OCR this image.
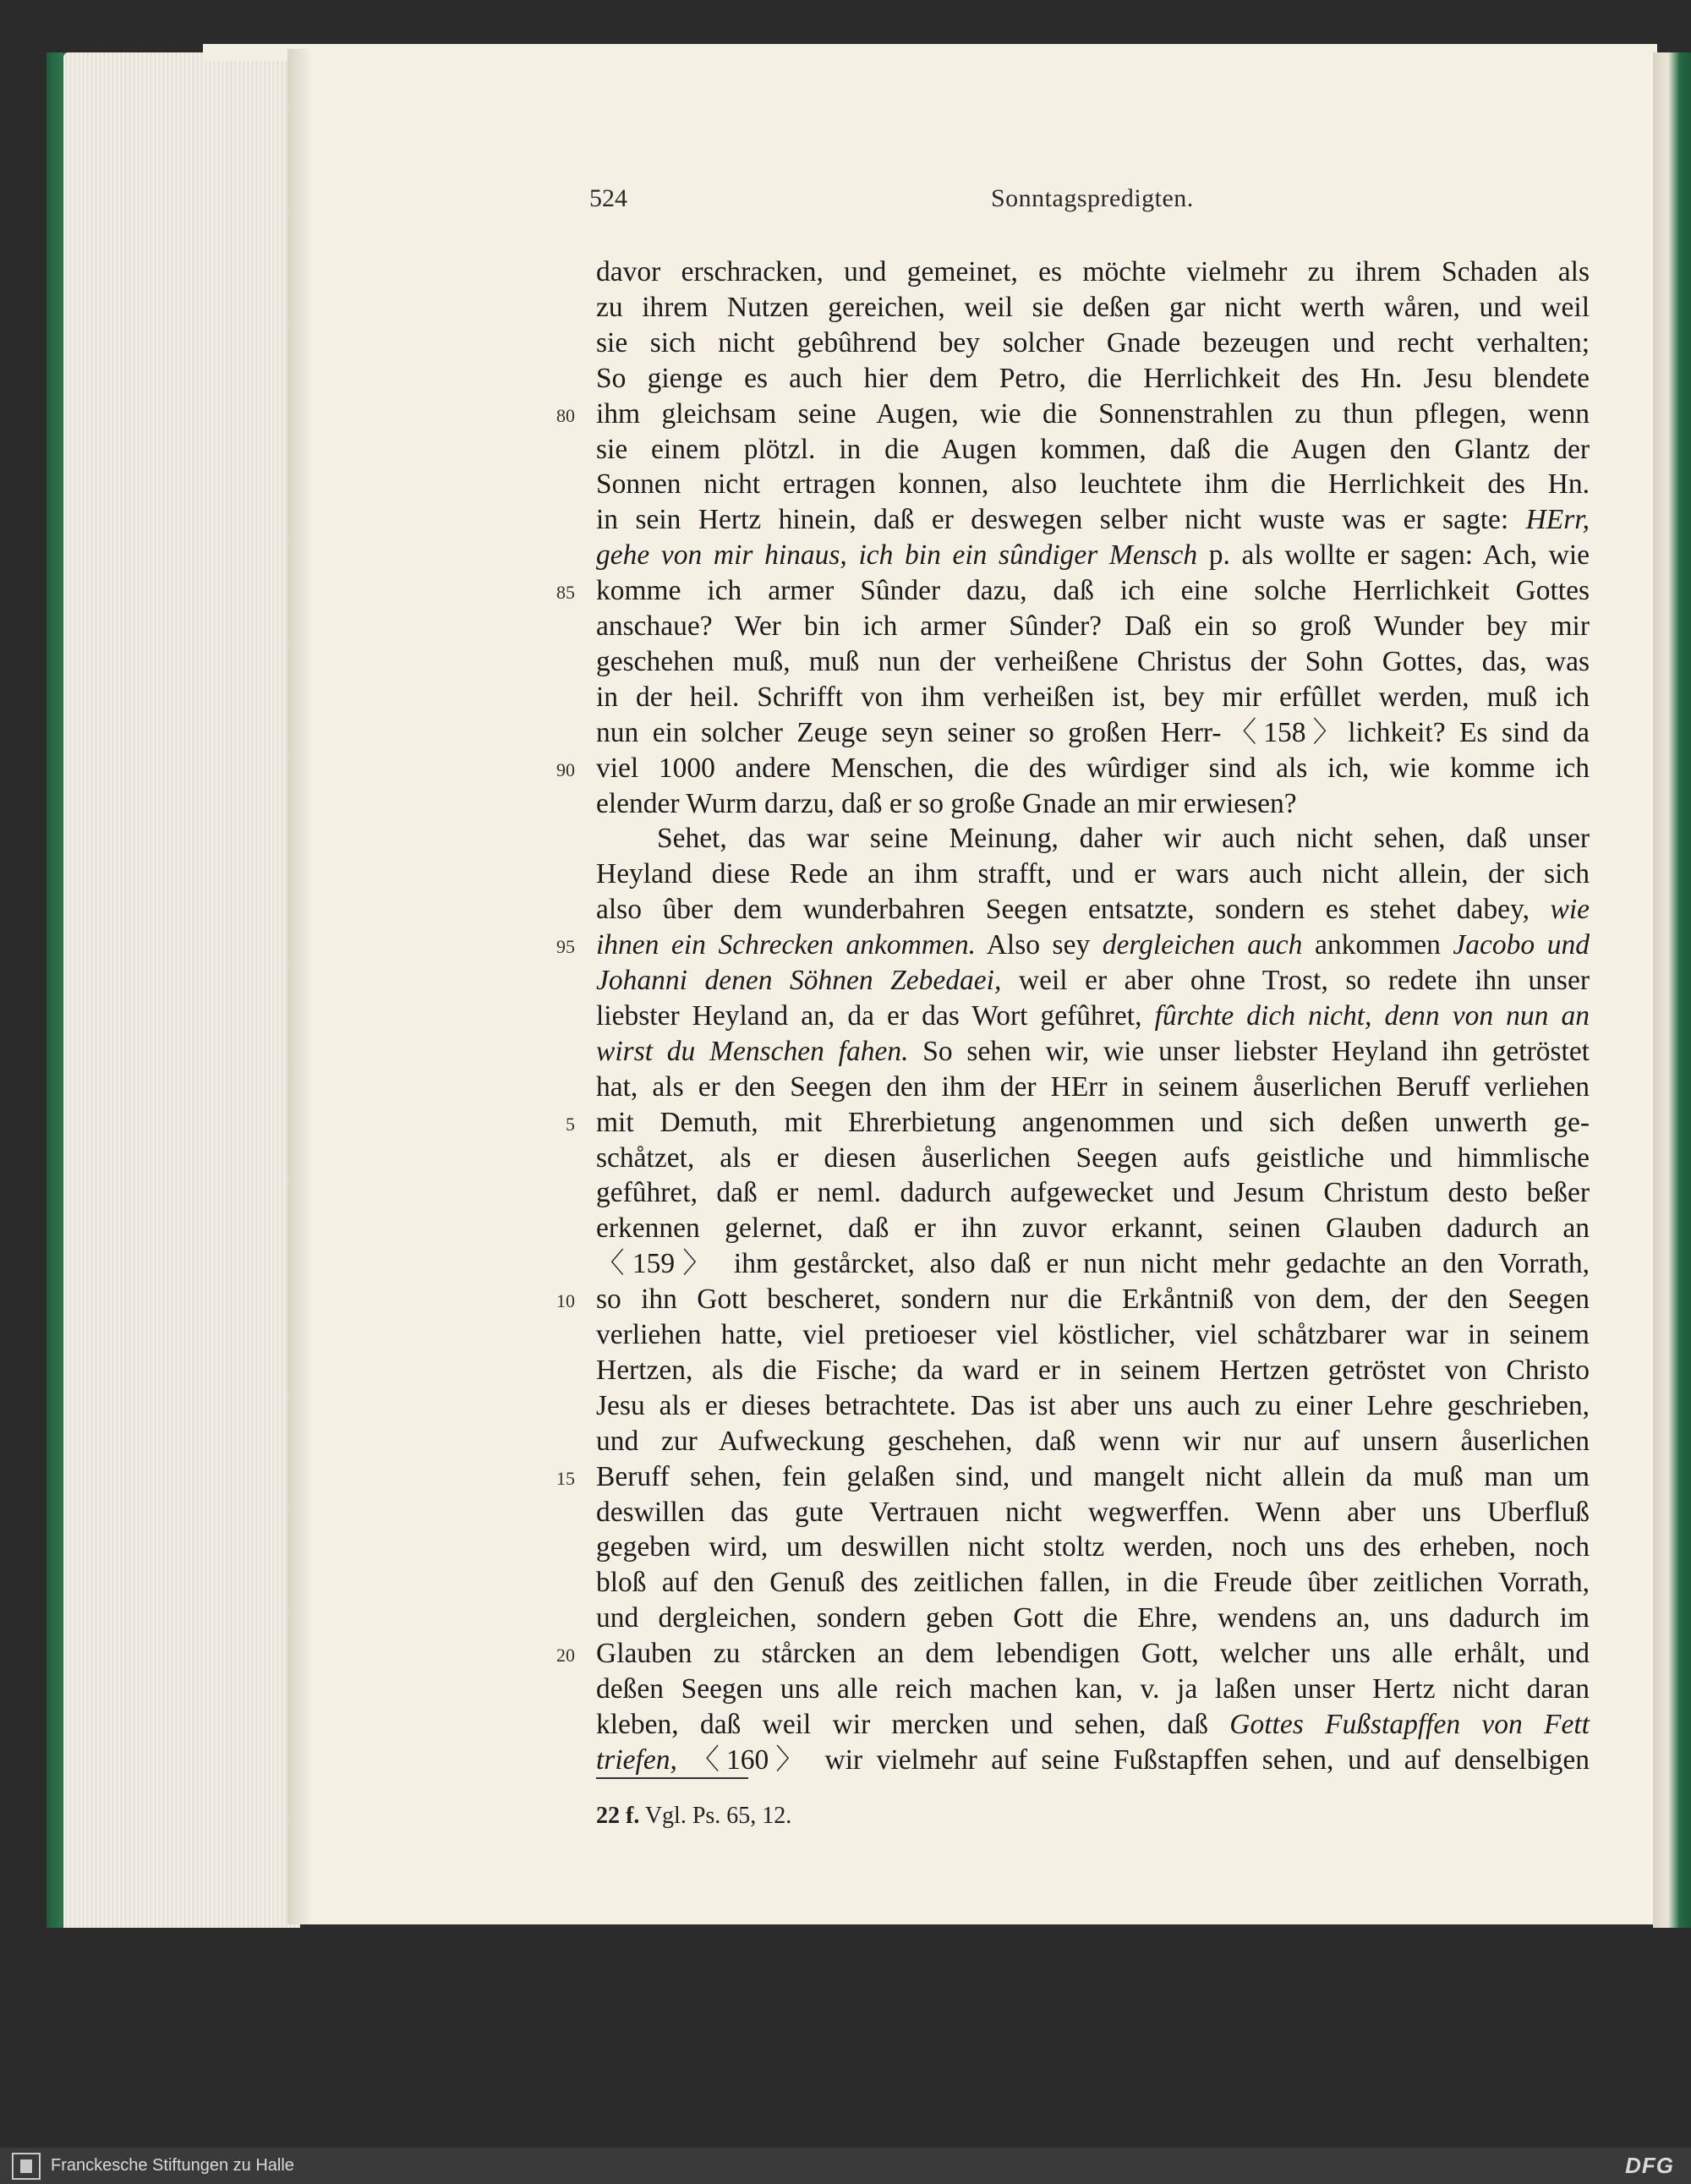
524	Sonntagspredigten.
davor erschracken, und gemeinet, es möchte vielmehr zu ihrem Schaden als
zu ihrem Nutzen gereichen, weil sie deßen gar nicht werth wåren, und weil
sie sich nicht gebûhrend bey solcher Gnade bezeugen und recht verhalten;
So gienge es auch hier dem Petro, die Herrlichkeit des Hn. Jesu blendete
ihm gleichsam seine Augen, wie die Sonnenstrahlen zu thun pflegen, wenn
80
sie einem plötzl. in die Augen kommen, daß die Augen den Glantz der
Sonnen nicht ertragen konnen, also leuchtete ihm die Herrlichkeit des Hn.
in sein Hertz hinein, daß er deswegen selber nicht wuste was er sagte: HErr,
gehe von mir hinaus, ich bin ein sûndiger Mensch p. als wollte er sagen: Ach, wie
komme ich armer Sûnder dazu, daß ich eine solche Herrlichkeit Gottes
85
anschaue? Wer bin ich armer Sûnder? Daß ein so groß Wunder bey mir
geschehen muß, muß nun der verheißene Christus der Sohn Gottes, das, was
in der heil. Schrifft von ihm verheißen ist, bey mir erfûllet werden, muß ich
nun ein solcher Zeuge seyn seiner so großen Herr-〈158〉lichkeit? Es sind da
viel 1000 andere Menschen, die des wûrdiger sind als ich, wie komme ich
90
elender Wurm darzu, daß er so große Gnade an mir erwiesen?
Sehet, das war seine Meinung, daher wir auch nicht sehen, daß unser
Heyland diese Rede an ihm strafft, und er wars auch nicht allein, der sich
also ûber dem wunderbahren Seegen entsatzte, sondern es stehet dabey, wie
ihnen ein Schrecken ankommen. Also sey dergleichen auch ankommen Jacobo und
95
Johanni denen Söhnen Zebedaei, weil er aber ohne Trost, so redete ihn unser
liebster Heyland an, da er das Wort gefûhret, fûrchte dich nicht, denn von nun an
wirst du Menschen fahen. So sehen wir, wie unser liebster Heyland ihn getröstet
hat, als er den Seegen den ihm der HErr in seinem åuserlichen Beruff verliehen
mit Demuth, mit Ehrerbietung angenommen und sich deßen unwerth ge-
5
schåtzet, als er diesen åuserlichen Seegen aufs geistliche und himmlische
gefûhret, daß er neml. dadurch aufgewecket und Jesum Christum desto beßer
erkennen gelernet, daß er ihn zuvor erkannt, seinen Glauben dadurch an
〈159〉 ihm gestårcket, also daß er nun nicht mehr gedachte an den Vorrath,
so ihn Gott bescheret, sondern nur die Erkåntniß von dem, der den Seegen
10
verliehen hatte, viel pretioeser viel köstlicher, viel schåtzbarer war in seinem
Hertzen, als die Fische; da ward er in seinem Hertzen getröstet von Christo
Jesu als er dieses betrachtete. Das ist aber uns auch zu einer Lehre geschrieben,
und zur Aufweckung geschehen, daß wenn wir nur auf unsern åuserlichen
Beruff sehen, fein gelaßen sind, und mangelt nicht allein da muß man um
15
deswillen das gute Vertrauen nicht wegwerffen. Wenn aber uns Uberfluß
gegeben wird, um deswillen nicht stoltz werden, noch uns des erheben, noch
bloß auf den Genuß des zeitlichen fallen, in die Freude ûber zeitlichen Vorrath,
und dergleichen, sondern geben Gott die Ehre, wendens an, uns dadurch im
Glauben zu stårcken an dem lebendigen Gott, welcher uns alle erhålt, und
20
deßen Seegen uns alle reich machen kan, v. ja laßen unser Hertz nicht daran
kleben, daß weil wir mercken und sehen, daß Gottes Fußstapffen von Fett
triefen, 〈160〉 wir vielmehr auf seine Fußstapffen sehen, und auf denselbigen
22 f. Vgl. Ps. 65, 12.
Franckesche Stiftungen zu Halle	DFG
